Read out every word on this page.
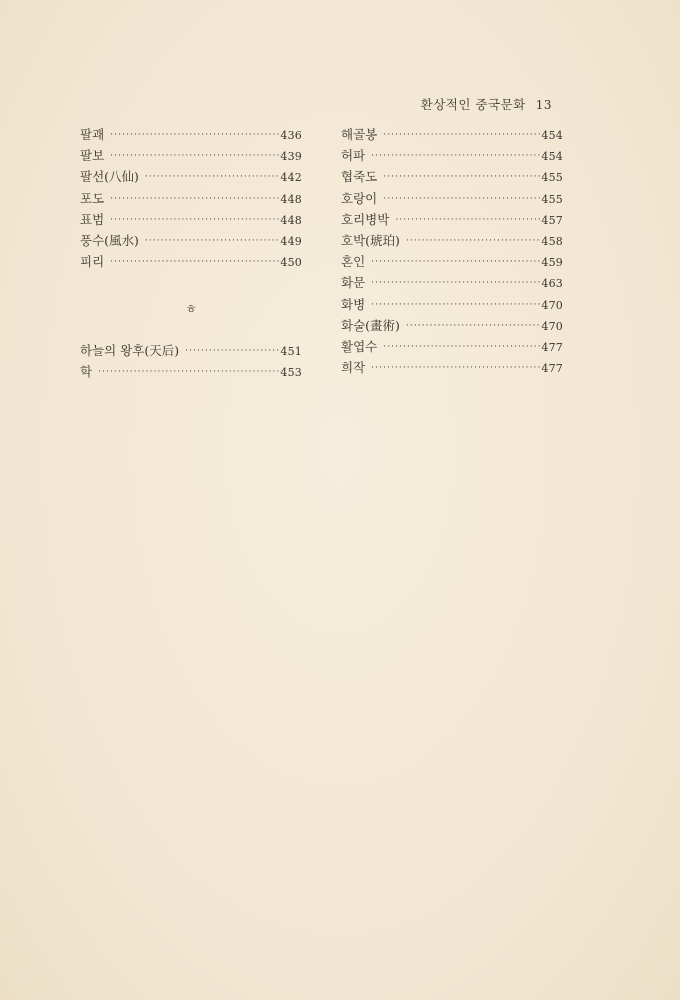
환상적인 중국문화 13
팔괘 ·····	436
팔보 ·····	439
팔선(八仙) ·····	442
포도 ·····	448
표범 ·····	448
풍수(風水) ·····	449
피리 ·····	450
ㅎ
하늘의 왕후(天后) ·····	451
학 ·····	453
해골봉 ·····	454
허파 ·····	454
협죽도 ·····	455
호랑이 ·····	455
호리병박 ·····	457
호박(琥珀) ·····	458
혼인 ·····	459
화문 ·····	463
화병 ·····	470
화술(畫術) ·····	470
활엽수 ·····	477
희작 ·····	477
